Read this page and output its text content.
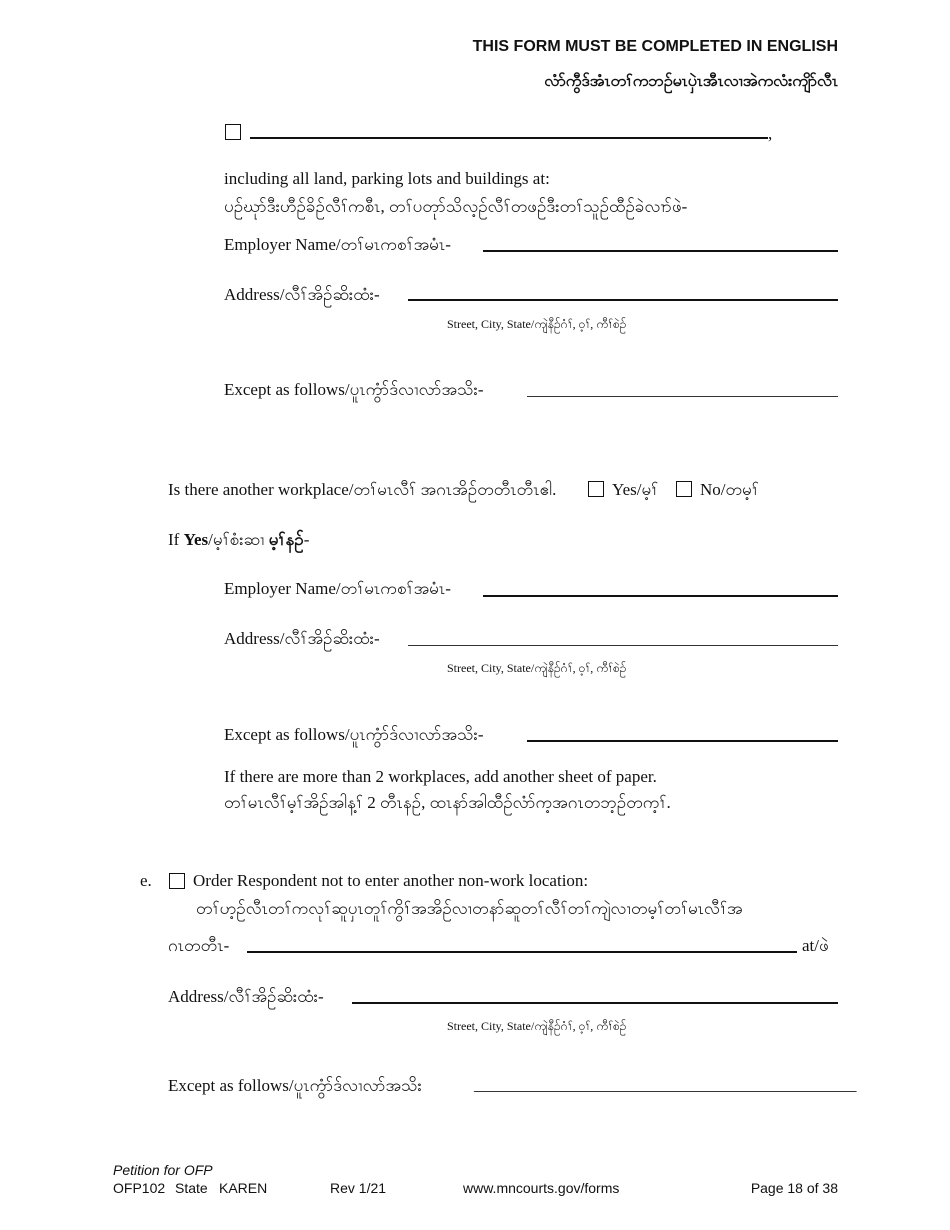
THIS FORM MUST BE COMPLETED IN ENGLISH
လံာ်ကွီဒ်အံၤတၢ်ကဘဉ်မၤပှဲၤအီၤလၢအဲကလံးကျိာ်လီၤ
,
including all land, parking lots and buildings at:
ပဉ်ဃုာ်ဒီးဟီဉ်ခိဉ်လီၢ်ကစီၤ, တၢ်ပတုာ်သိလ့ဉ်လီၢ်တဖဉ်ဒီးတၢ်သူဉ်ထီဉ်ခဲလၢာ်ဖဲ-
Employer Name/တၢ်မၤကစၢ်အမံၤ-
Address/လီၢ်အိဉ်ဆိးထံး-
Street, City, State/ကျဲနီဉ်ဂံၢ်, ဝ့ၢ်, ကီၢ်စဲဉ်
Except as follows/ပူၤကွံာ်ဒ်လၢလာ်အသိး-
Is there another workplace/တၢ်မၤလီၢ် အဂၤအိဉ်တတီၤတီၤဧါ.	Yes/မ့ၢ် No/တမ့ၢ်
If Yes/မ့ၢ်စံးဆၢ မ့ၢ်နဉ်-
Employer Name/တၢ်မၤကစၢ်အမံၤ-
Address/လီၢ်အိဉ်ဆိးထံး-
Street, City, State/ကျဲနီဉ်ဂံၢ်, ဝ့ၢ်, ကီၢ်စဲဉ်
Except as follows/ပူၤကွံာ်ဒ်လၢလာ်အသိး-
If there are more than 2 workplaces, add another sheet of paper.
တၢ်မၤလီၢ်မ့ၢ်အိဉ်အါန့ၢ် 2 တီၤနဉ်, ထၤနာ်အါထီဉ်လံာ်က့အဂၤတဘ့ဉ်တက့ၢ်.
e. Order Respondent not to enter another non-work location:
တၢ်ဟ့ဉ်လီၤတၢ်ကလုၢ်ဆူပှၤတူၢ်ကွိၢ်အအိဉ်လၢတနာ်ဆူတၢ်လီၢ်တၢ်ကျဲလၢတမ့ၢ်တၢ်မၤလီၢ်အ
ဂၤတတီၤ-	at/ဖဲ
Address/လီၢ်အိဉ်ဆိးထံး-
Street, City, State/ကျဲနီဉ်ဂံၢ်, ဝ့ၢ်, ကီၢ်စဲဉ်
Except as follows/ပူၤကွံာ်ဒ်လၢလာ်အသိး	_____________________________________________
Petition for OFP
OFP102 State KAREN	Rev 1/21	www.mncourts.gov/forms	Page 18 of 38
